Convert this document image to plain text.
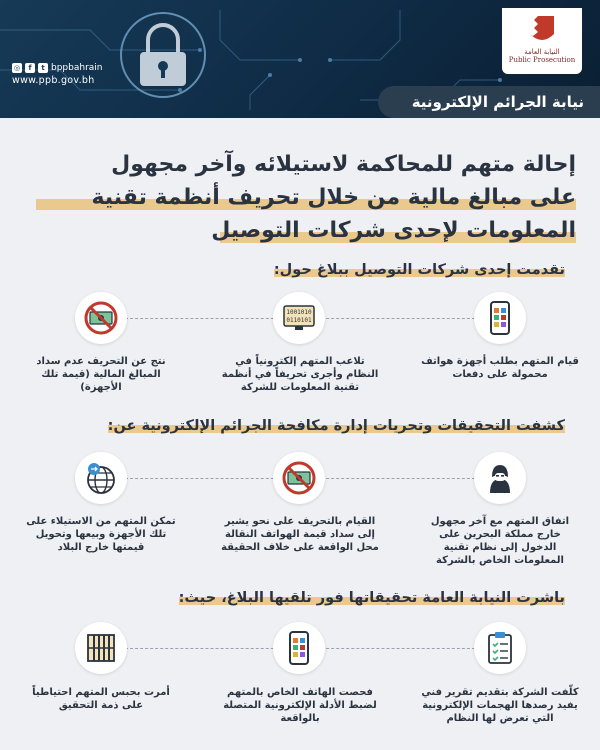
النيابة العامة
Public Prosecution
◎	f	t bppbahrain
www.ppb.gov.bh
نيابة الجرائم الإلكترونية
إحالة متهم للمحاكمة لاستيلائه وآخر مجهول
على مبالغ مالية من خلال تحريف أنظمة تقنية
المعلومات لإحدى شركات التوصيل
تقدمت إحدى شركات التوصيل ببلاغ حول:
1001010
0110101
قيام المتهم بطلب أجهزة هواتف محمولة على دفعات
تلاعب المتهم إلكترونياً في النظام وأجرى تحريفاً في أنظمة تقنية المعلومات للشركة
نتج عن التحريف عدم سداد المبالغ المالية (قيمة تلك الأجهزة)
كشفت التحقيقات وتحريات إدارة مكافحة الجرائم الإلكترونية عن:
اتفاق المتهم مع آخر مجهول خارج مملكة البحرين على الدخول إلى نظام تقنية المعلومات الخاص بالشركة
القيام بالتحريف على نحو يشير إلى سداد قيمة الهواتف النقالة محل الواقعة على خلاف الحقيقة
تمكن المتهم من الاستيلاء على تلك الأجهزة وبيعها وتحويل قيمتها خارج البلاد
باشرت النيابة العامة تحقيقاتها فور تلقيها البلاغ، حيث:
كلّفت الشركة بتقديم تقرير فني يفيد رصدها الهجمات الإلكترونية التي تعرض لها النظام
فحصت الهاتف الخاص بالمتهم لضبط الأدلة الإلكترونية المتصلة بالواقعة
أمرت بحبس المتهم احتياطياً على ذمة التحقيق
